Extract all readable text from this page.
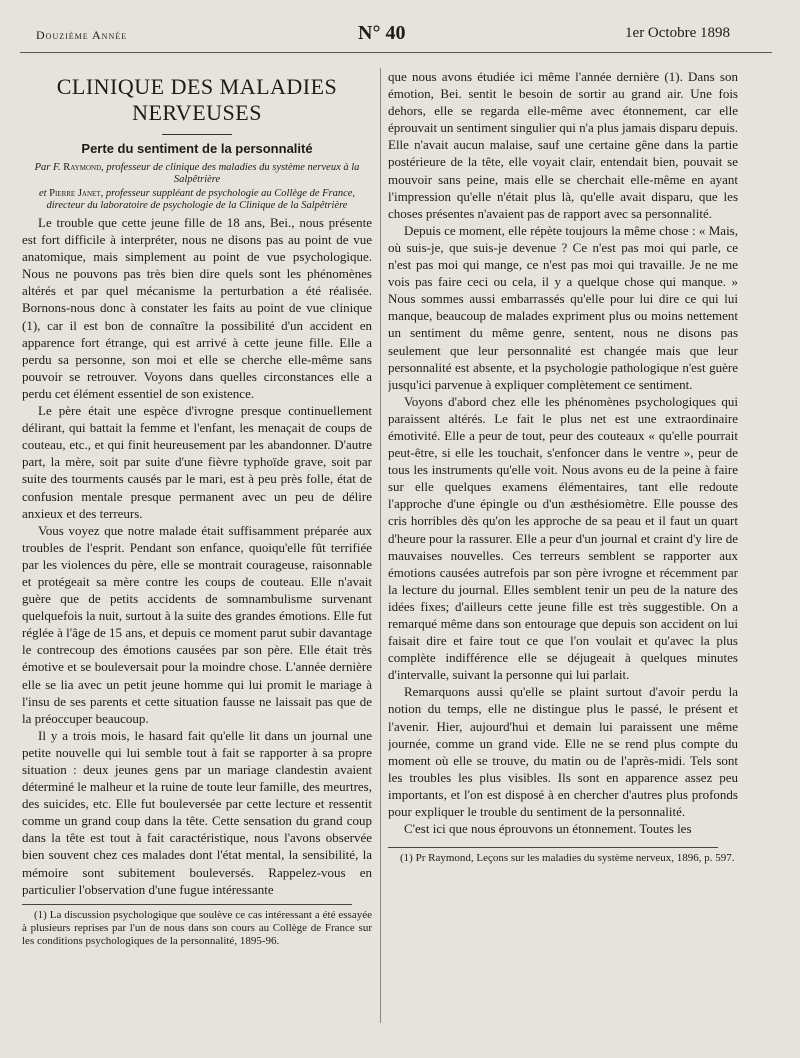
Douzième Année	N° 40	1er Octobre 1898
CLINIQUE DES MALADIES NERVEUSES
Perte du sentiment de la personnalité
Par F. Raymond, professeur de clinique des maladies du système nerveux à la Salpêtrière
et Pierre Janet, professeur suppléant de psychologie au Collège de France, directeur du laboratoire de psychologie de la Clinique de la Salpêtrière

Le trouble que cette jeune fille de 18 ans, Bei., nous présente est fort difficile à interpréter, nous ne disons pas au point de vue anatomique, mais simplement au point de vue psychologique. Nous ne pouvons pas très bien dire quels sont les phénomènes altérés et par quel mécanisme la perturbation a été réalisée. Bornons-nous donc à constater les faits au point de vue clinique (1), car il est bon de connaître la possibilité d'un accident en apparence fort étrange, qui est arrivé à cette jeune fille. Elle a perdu sa personne, son moi et elle se cherche elle-même sans pouvoir se retrouver. Voyons dans quelles circonstances elle a perdu cet élément essentiel de son existence.

Le père était une espèce d'ivrogne presque continuellement délirant, qui battait la femme et l'enfant, les menaçait de coups de couteau, etc., et qui finit heureusement par les abandonner. D'autre part, la mère, soit par suite d'une fièvre typhoïde grave, soit par suite des tourments causés par le mari, est à peu près folle, état de confusion mentale presque permanent avec un peu de délire anxieux et des terreurs.

Vous voyez que notre malade était suffisamment préparée aux troubles de l'esprit. Pendant son enfance, quoiqu'elle fût terrifiée par les violences du père, elle se montrait courageuse, raisonnable et protégeait sa mère contre les coups de couteau. Elle n'avait guère que de petits accidents de somnambulisme survenant quelquefois la nuit, surtout à la suite des grandes émotions. Elle fut réglée à l'âge de 15 ans, et depuis ce moment parut subir davantage le contrecoup des émotions causées par son père. Elle était très émotive et se bouleversait pour la moindre chose. L'année dernière elle se lia avec un petit jeune homme qui lui promit le mariage à l'insu de ses parents et cette situation fausse ne laissait pas que de la préoccuper beaucoup.

Il y a trois mois, le hasard fait qu'elle lit dans un journal une petite nouvelle qui lui semble tout à fait se rapporter à sa propre situation : deux jeunes gens par un mariage clandestin avaient déterminé le malheur et la ruine de toute leur famille, des meurtres, des suicides, etc. Elle fut bouleversée par cette lecture et ressentit comme un grand coup dans la tête. Cette sensation du grand coup dans la tête est tout à fait caractéristique, nous l'avons observée bien souvent chez ces malades dont l'état mental, la sensibilité, la mémoire sont subitement bouleversés. Rappelez-vous en particulier l'observation d'une fugue intéressante

(1) La discussion psychologique que soulève ce cas intéressant a été essayée à plusieurs reprises par l'un de nous dans son cours au Collège de France sur les conditions psychologiques de la personnalité, 1895-96.

que nous avons étudiée ici même l'année dernière (1). Dans son émotion, Bei. sentit le besoin de sortir au grand air. Une fois dehors, elle se regarda elle-même avec étonnement, car elle éprouvait un sentiment singulier qui n'a plus jamais disparu depuis. Elle n'avait aucun malaise, sauf une certaine gêne dans la partie postérieure de la tête, elle voyait clair, entendait bien, pouvait se mouvoir sans peine, mais elle se cherchait elle-même en ayant l'impression qu'elle n'était plus là, qu'elle avait disparu, que les choses présentes n'avaient pas de rapport avec sa personnalité.

Depuis ce moment, elle répète toujours la même chose : « Mais, où suis-je, que suis-je devenue ? Ce n'est pas moi qui parle, ce n'est pas moi qui mange, ce n'est pas moi qui travaille. Je ne me vois pas faire ceci ou cela, il y a quelque chose qui manque. » Nous sommes aussi embarrassés qu'elle pour lui dire ce qui lui manque, beaucoup de malades expriment plus ou moins nettement un sentiment du même genre, sentent, nous ne disons pas seulement que leur personnalité est changée mais que leur personnalité est absente, et la psychologie pathologique n'est guère jusqu'ici parvenue à expliquer complètement ce sentiment.

Voyons d'abord chez elle les phénomènes psychologiques qui paraissent altérés. Le fait le plus net est une extraordinaire émotivité. Elle a peur de tout, peur des couteaux « qu'elle pourrait peut-être, si elle les touchait, s'enfoncer dans le ventre », peur de tous les instruments qu'elle voit. Nous avons eu de la peine à faire sur elle quelques examens élémentaires, tant elle redoute l'approche d'une épingle ou d'un æsthésiomètre. Elle pousse des cris horribles dès qu'on les approche de sa peau et il faut un quart d'heure pour la rassurer. Elle a peur d'un journal et craint d'y lire de mauvaises nouvelles. Ces terreurs semblent se rapporter aux émotions causées autrefois par son père ivrogne et récemment par la lecture du journal. Elles semblent tenir un peu de la nature des idées fixes; d'ailleurs cette jeune fille est très suggestible. On a remarqué même dans son entourage que depuis son accident on lui faisait dire et faire tout ce que l'on voulait et qu'avec la plus complète indifférence elle se déjugeait à quelques minutes d'intervalle, suivant la personne qui lui parlait.

Remarquons aussi qu'elle se plaint surtout d'avoir perdu la notion du temps, elle ne distingue plus le passé, le présent et l'avenir. Hier, aujourd'hui et demain lui paraissent une même journée, comme un grand vide. Elle ne se rend plus compte du moment où elle se trouve, du matin ou de l'après-midi. Tels sont les troubles les plus visibles. Ils sont en apparence assez peu importants, et l'on est disposé à en chercher d'autres plus profonds pour expliquer le trouble du sentiment de la personnalité.

C'est ici que nous éprouvons un étonnement. Toutes les

(1) Pr Raymond, Leçons sur les maladies du système nerveux, 1896, p. 597.
